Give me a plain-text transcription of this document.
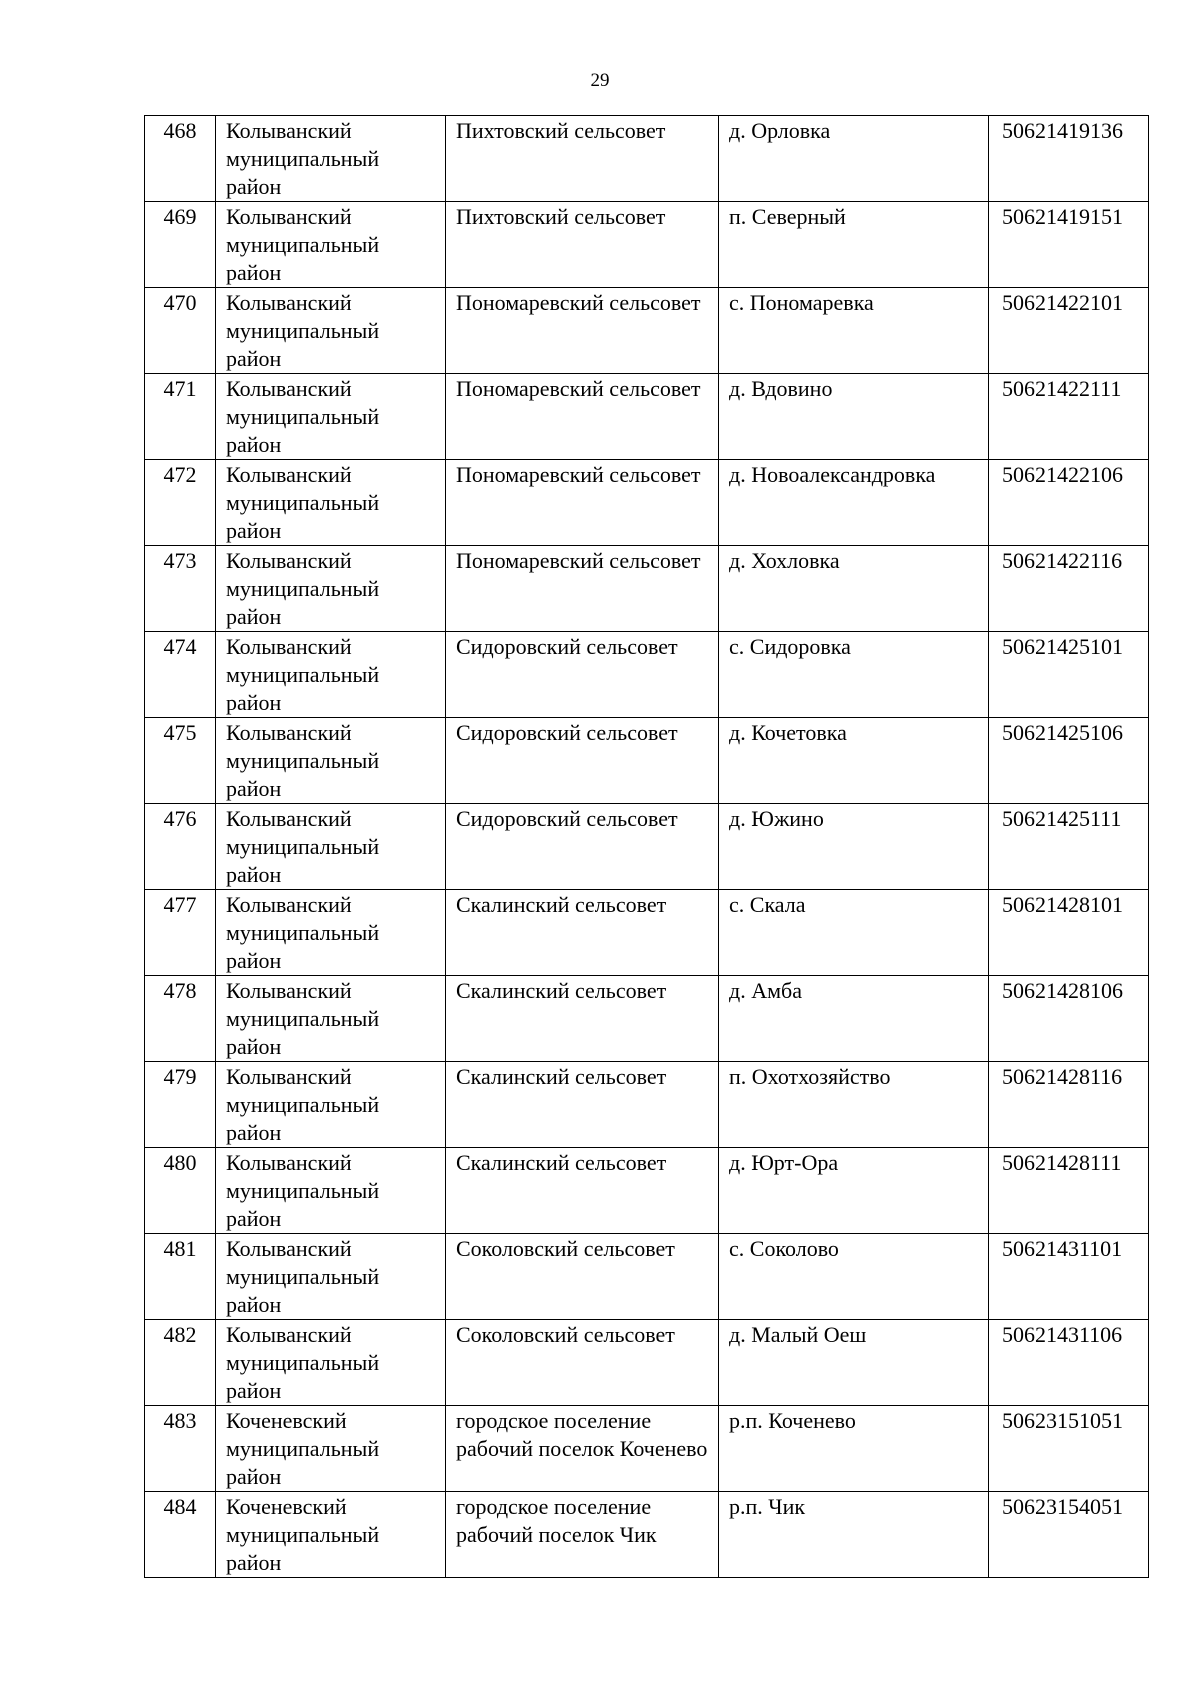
29
468	Колыванский муниципальный район	Пихтовский сельсовет	д. Орловка	50621419136
469	Колыванский муниципальный район	Пихтовский сельсовет	п. Северный	50621419151
470	Колыванский муниципальный район	Пономаревский сельсовет	с. Пономаревка	50621422101
471	Колыванский муниципальный район	Пономаревский сельсовет	д. Вдовино	50621422111
472	Колыванский муниципальный район	Пономаревский сельсовет	д. Новоалександровка	50621422106
473	Колыванский муниципальный район	Пономаревский сельсовет	д. Хохловка	50621422116
474	Колыванский муниципальный район	Сидоровский сельсовет	с. Сидоровка	50621425101
475	Колыванский муниципальный район	Сидоровский сельсовет	д. Кочетовка	50621425106
476	Колыванский муниципальный район	Сидоровский сельсовет	д. Южино	50621425111
477	Колыванский муниципальный район	Скалинский сельсовет	с. Скала	50621428101
478	Колыванский муниципальный район	Скалинский сельсовет	д. Амба	50621428106
479	Колыванский муниципальный район	Скалинский сельсовет	п. Охотхозяйство	50621428116
480	Колыванский муниципальный район	Скалинский сельсовет	д. Юрт-Ора	50621428111
481	Колыванский муниципальный район	Соколовский сельсовет	с. Соколово	50621431101
482	Колыванский муниципальный район	Соколовский сельсовет	д. Малый Оеш	50621431106
483	Коченевский муниципальный район	городское поселение рабочий поселок Коченево	р.п. Коченево	50623151051
484	Коченевский муниципальный район	городское поселение рабочий поселок Чик	р.п. Чик	50623154051
